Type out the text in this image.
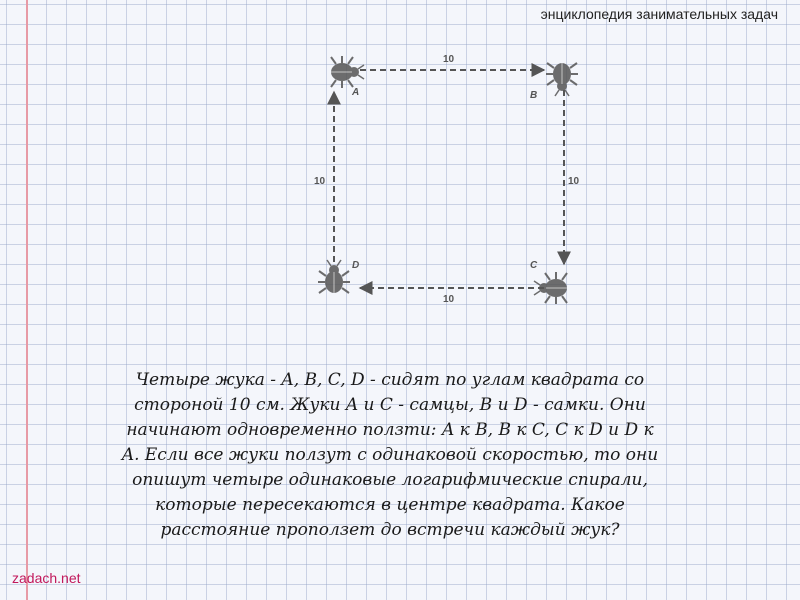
энциклопедия занимательных задач
A	B
C
D
10
10
10
10
Четыре жука - A, B, C, D - сидят по углам квадрата со стороной 10 см. Жуки A и C - самцы, B и D - самки. Они начинают одновременно ползти: A к B, B к C, C к D и D к A. Если все жуки ползут с одинаковой скоростью, то они опишут четыре одинаковые логарифмические спирали, которые пересекаются в центре квадрата. Какое расстояние проползет до встречи каждый жук?
zadach.net
